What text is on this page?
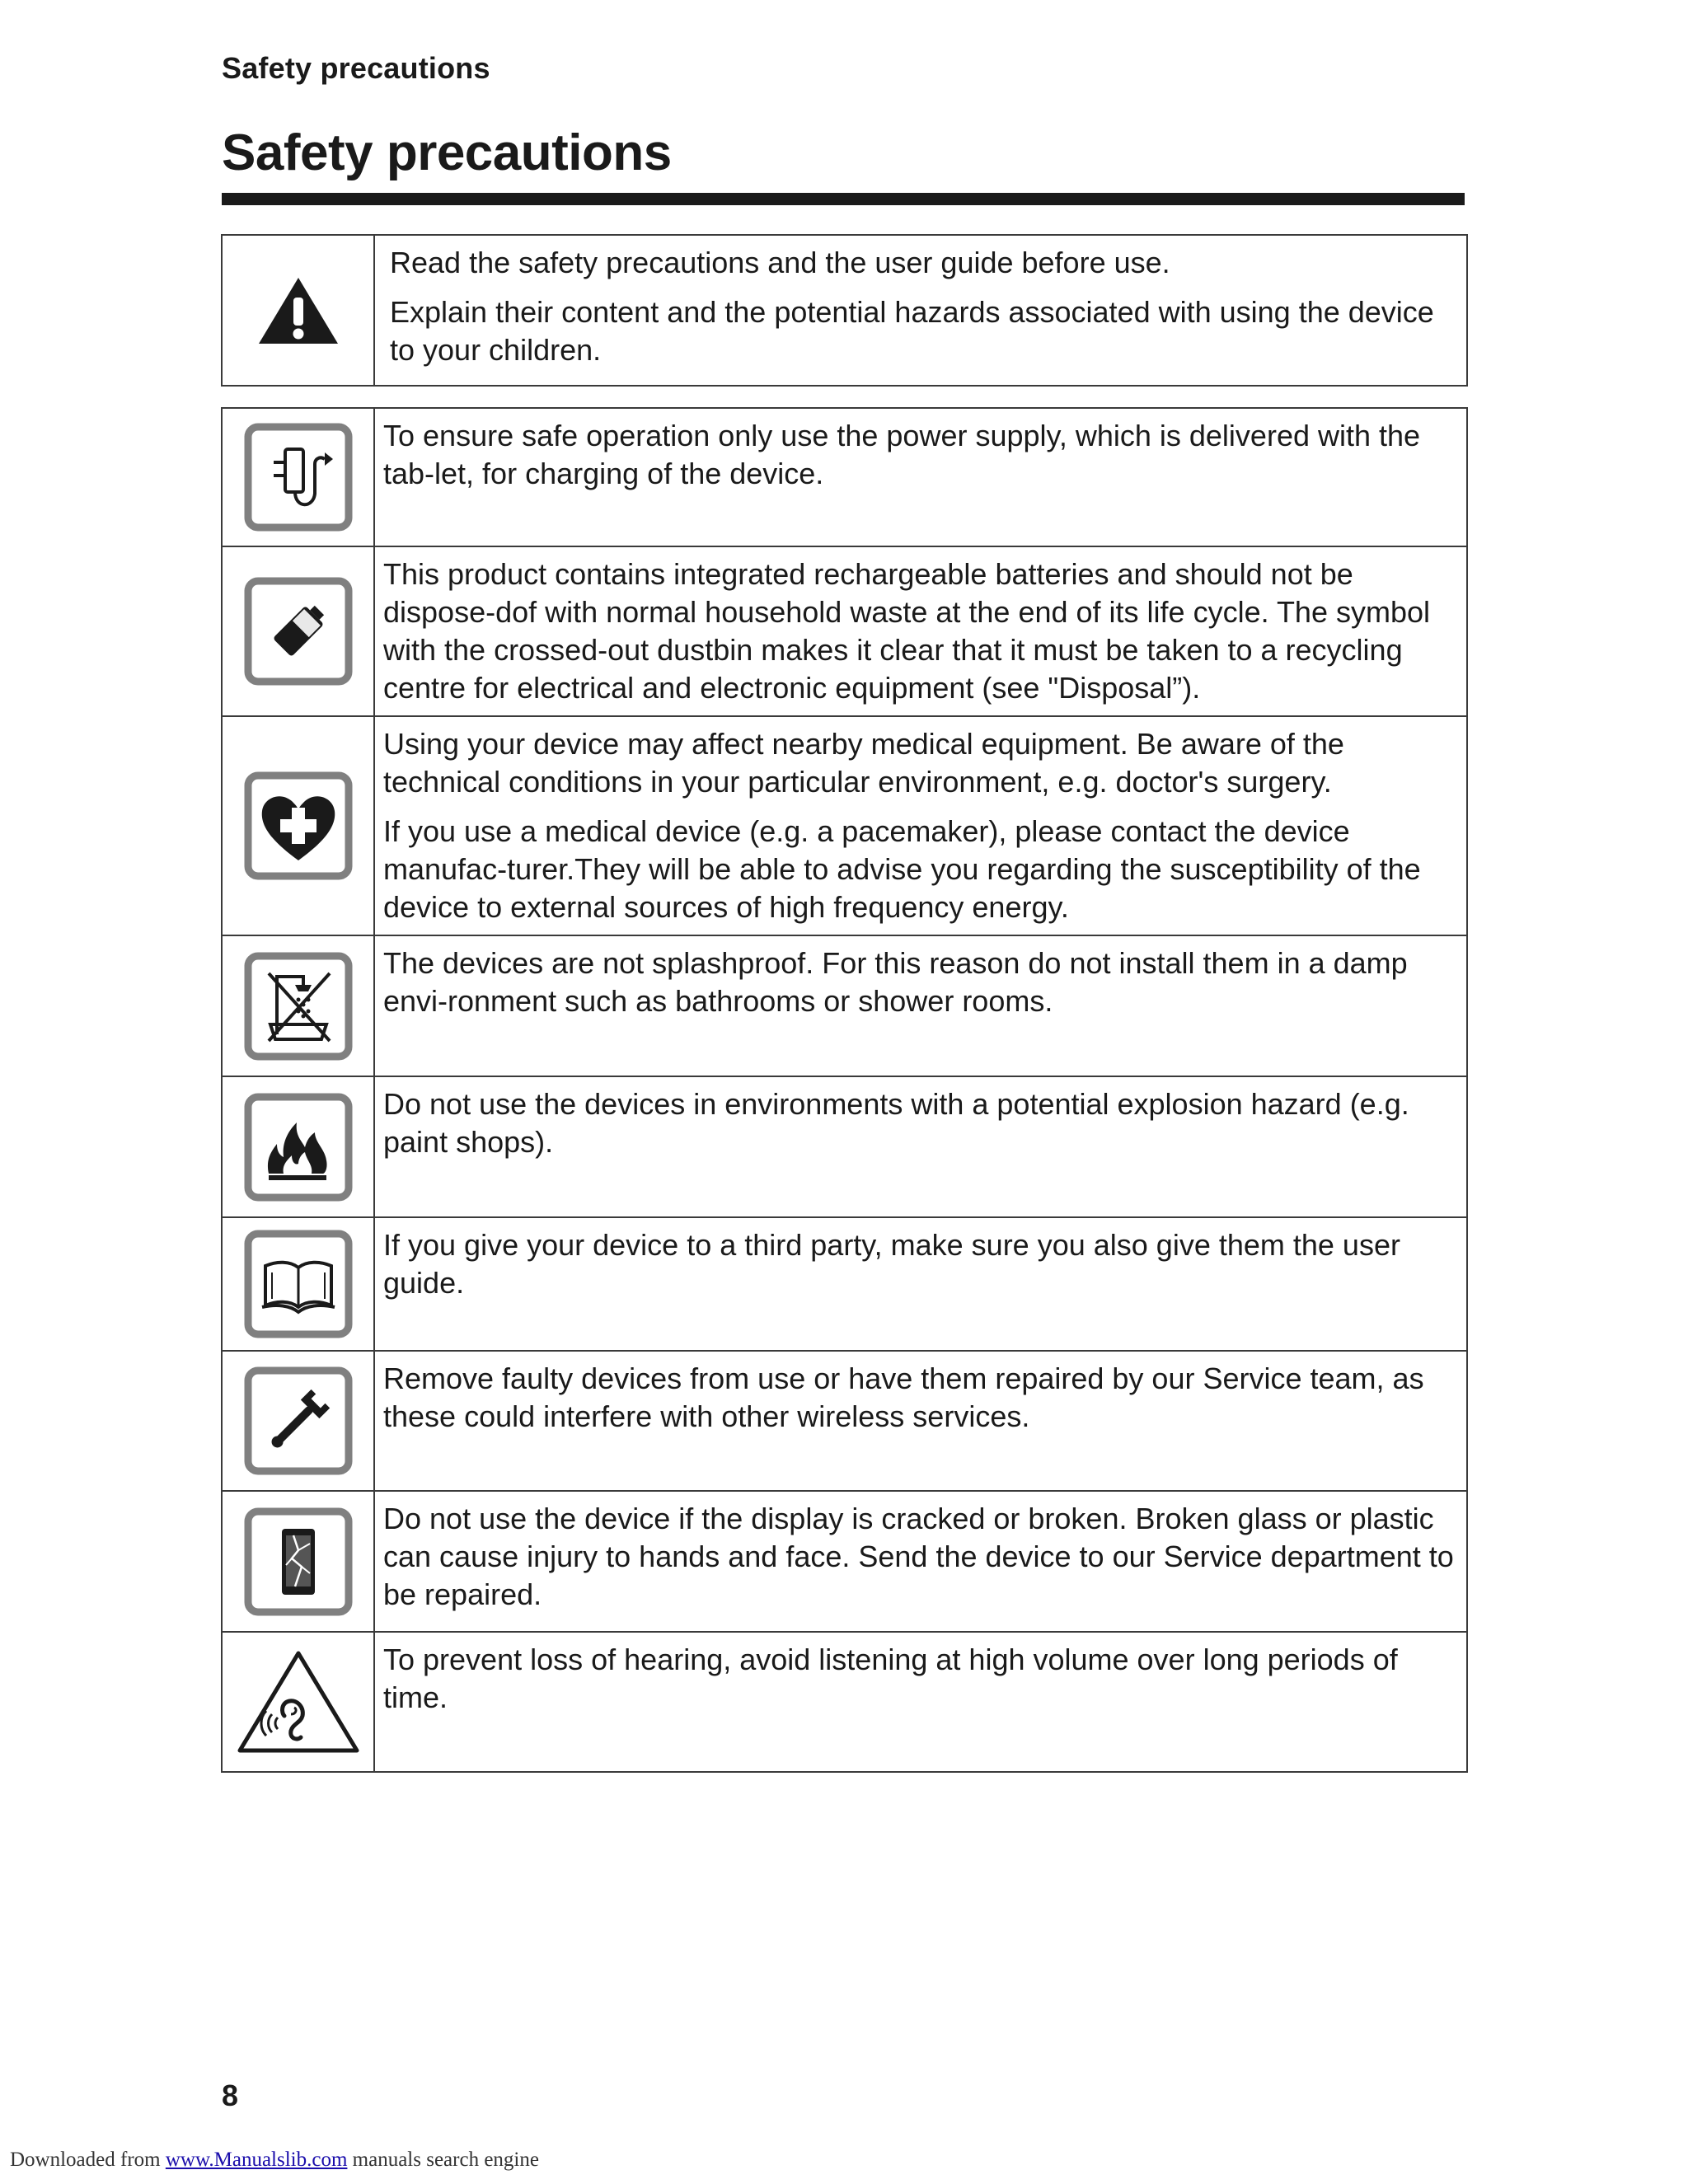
Safety precautions
Safety precautions

Read the safety precautions and the user guide before use.

Explain their content and the potential hazards associated with using the device to your children.

To ensure safe operation only use the power supply, which is delivered with the tab-let, for charging of the device.

This product contains integrated rechargeable batteries and should not be dispose-dof with normal household waste at the end of its life cycle. The symbol with the crossed-out dustbin makes it clear that it must be taken to a recycling centre for electrical and electronic equipment (see "Disposal”).

Using your device may affect nearby medical equipment. Be aware of the technical conditions in your particular environment, e.g. doctor's surgery.

If you use a medical device (e.g. a pacemaker), please contact the device manufac-turer.They will be able to advise you regarding the susceptibility of the device to external sources of high frequency energy.

The devices are not splashproof. For this reason do not install them in a damp envi-ronment such as bathrooms or shower rooms.

Do not use the devices in environments with a potential explosion hazard (e.g. paint shops).

If you give your device to a third party, make sure you also give them the user guide.

Remove faulty devices from use or have them repaired by our Service team, as these could interfere with other wireless services.

Do not use the device if the display is cracked or broken. Broken glass or plastic can cause injury to hands and face. Send the device to our Service department to be repaired.

To prevent loss of hearing, avoid listening at high volume over long periods of time.

8
Downloaded from www.Manualslib.com manuals search engine
